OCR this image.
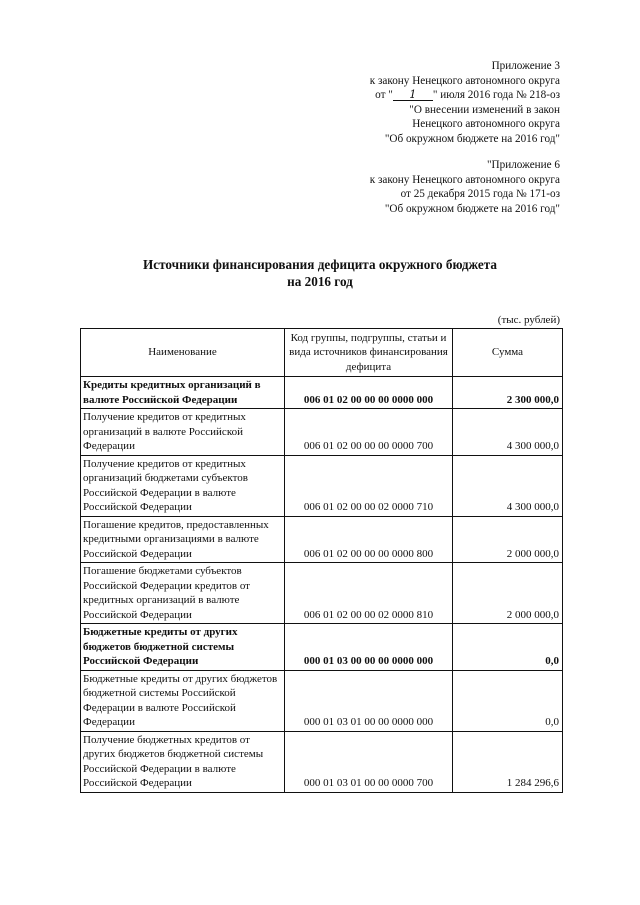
Приложение 3
к закону Ненецкого автономного округа
от " 1 " июля 2016 года № 218-оз
"О внесении изменений в закон
Ненецкого автономного округа
"Об окружном бюджете на 2016 год"
"Приложение 6
к закону Ненецкого автономного округа
от 25 декабря 2015 года № 171-оз
"Об окружном бюджете на 2016 год"
Источники финансирования дефицита окружного бюджета
на 2016 год
(тыс. рублей)
Наименование	Код группы, подгруппы, статьи и вида источников финансирования дефицита	Сумма
Кредиты кредитных организаций в валюте Российской Федерации	006 01 02 00 00 00 0000 000	2 300 000,0
Получение кредитов от кредитных организаций в валюте Российской Федерации	006 01 02 00 00 00 0000 700	4 300 000,0
Получение кредитов от кредитных организаций бюджетами субъектов Российской Федерации в валюте Российской Федерации	006 01 02 00 00 02 0000 710	4 300 000,0
Погашение кредитов, предоставленных кредитными организациями в валюте Российской Федерации	006 01 02 00 00 00 0000 800	2 000 000,0
Погашение бюджетами субъектов Российской Федерации кредитов от кредитных организаций в валюте Российской Федерации	006 01 02 00 00 02 0000 810	2 000 000,0
Бюджетные кредиты от других бюджетов бюджетной системы Российской Федерации	000 01 03 00 00 00 0000 000	0,0
Бюджетные кредиты от других бюджетов бюджетной системы Российской Федерации в валюте Российской Федерации	000 01 03 01 00 00 0000 000	0,0
Получение бюджетных кредитов от других бюджетов бюджетной системы Российской Федерации в валюте Российской Федерации	000 01 03 01 00 00 0000 700	1 284 296,6
